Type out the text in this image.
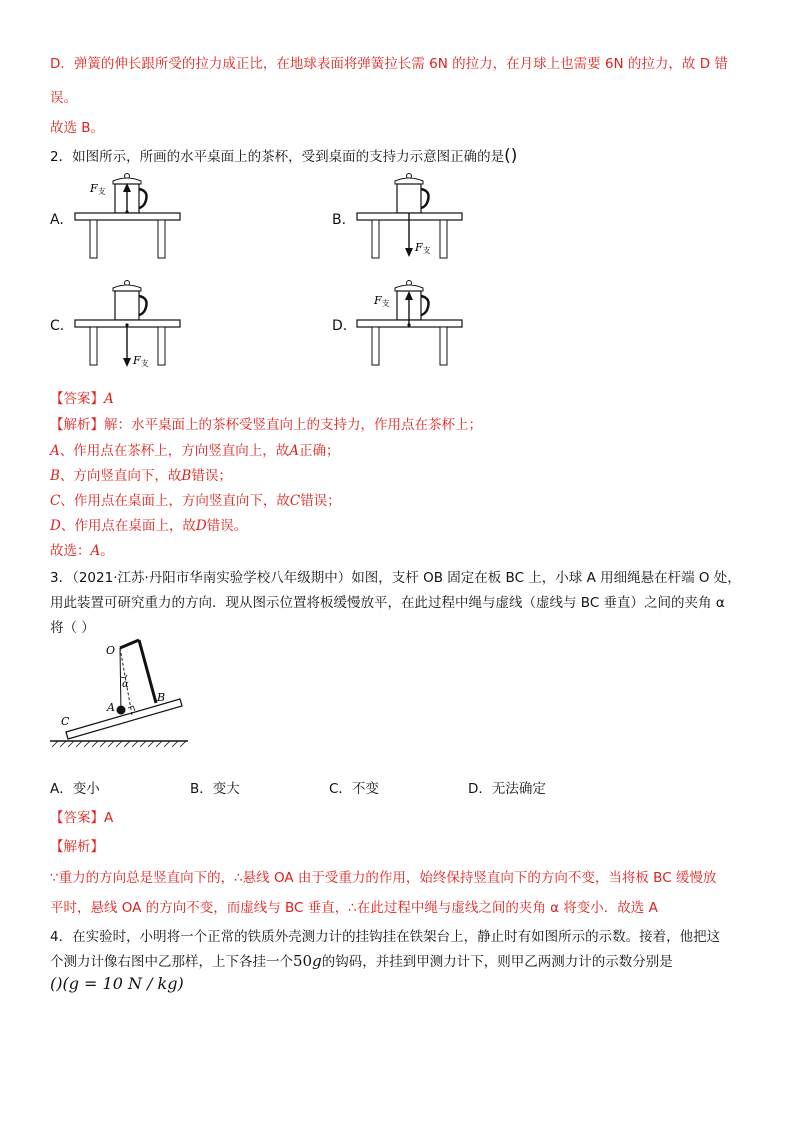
D．弹簧的伸长跟所受的拉力成正比，在地球表面将弹簧拉长需 6N 的拉力，在月球上也需要 6N 的拉力，故 D 错
误。
故选 B。
2．如图所示，所画的水平桌面上的茶杯，受到桌面的支持力示意图正确的是()
A.	B.
C.	D.
F支
F支
F支
F支
【答案】A
【解析】解：水平桌面上的茶杯受竖直向上的支持力，作用点在茶杯上；
A、作用点在茶杯上，方向竖直向上，故A正确；
B、方向竖直向下，故B错误；
C、作用点在桌面上，方向竖直向下，故C错误；
D、作用点在桌面上，故D错误。
故选：A。
3．（2021·江苏·丹阳市华南实验学校八年级期中）如图，支杆 OB 固定在板 BC 上，小球 A 用细绳悬在杆端 O 处，
用此装置可研究重力的方向．现从图示位置将板缓慢放平，在此过程中绳与虚线（虚线与 BC 垂直）之间的夹角 α
将（ ）
O
α
A
B
C
A．变小	B．变大	C．不变	D．无法确定
【答案】A
【解析】
∵重力的方向总是竖直向下的，∴悬线 OA 由于受重力的作用，始终保持竖直向下的方向不变，当将板 BC 缓慢放
平时，悬线 OA 的方向不变，而虚线与 BC 垂直，∴在此过程中绳与虚线之间的夹角 α 将变小．故选 A
4．在实验时，小明将一个正常的铁质外壳测力计的挂钩挂在铁架台上，静止时有如图所示的示数。接着，他把这
个测力计像右图中乙那样，上下各挂一个50g的钩码，并挂到甲测力计下，则甲乙两测力计的示数分别是
()(g = 10 N / kg)
